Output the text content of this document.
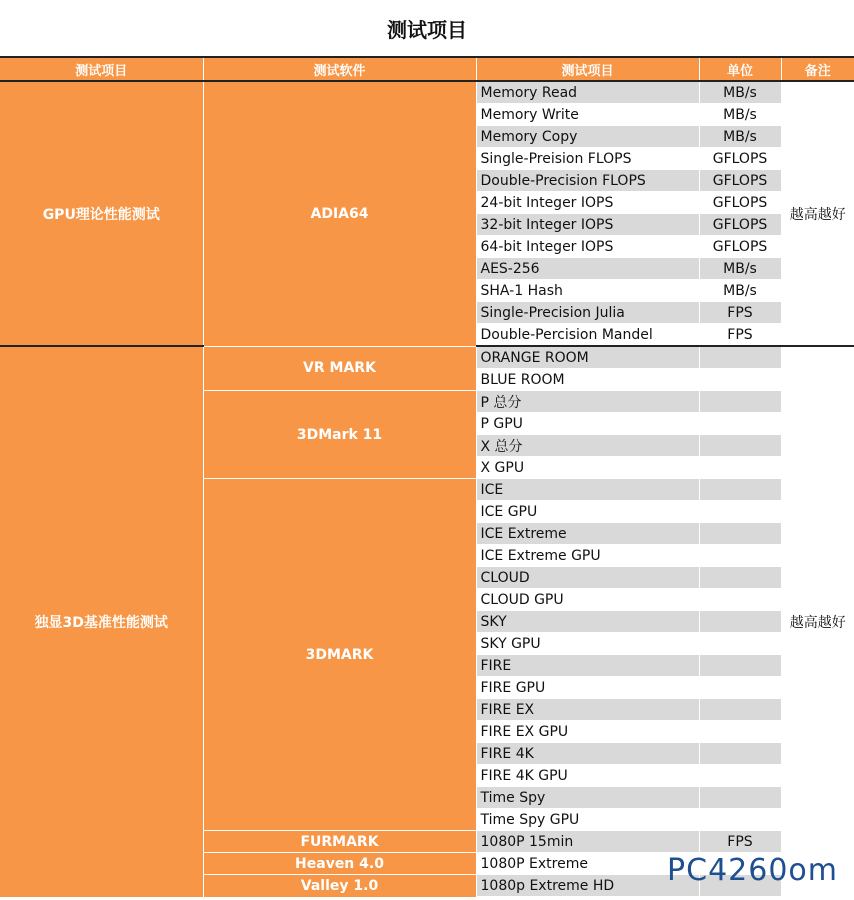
测试项目
测试项目	测试软件	测试项目	单位	备注
GPU理论性能测试	ADIA64	Memory Read	MB/s	越高越好
		Memory Write	MB/s	
		Memory Copy	MB/s	
		Single-Preision FLOPS	GFLOPS	
		Double-Precision FLOPS	GFLOPS	
		24-bit Integer IOPS	GFLOPS	
		32-bit Integer IOPS	GFLOPS	
		64-bit Integer IOPS	GFLOPS	
		AES-256	MB/s	
		SHA-1 Hash	MB/s	
		Single-Precision Julia	FPS	
		Double-Percision Mandel	FPS	
独显3D基准性能测试	VR MARK	ORANGE ROOM		越高越好
		BLUE ROOM		
	3DMark 11	P 总分		
		P GPU		
		X 总分		
		X GPU		
	3DMARK	ICE		
		ICE GPU		
		ICE Extreme		
		ICE Extreme GPU		
		CLOUD		
		CLOUD GPU		
		SKY		
		SKY GPU		
		FIRE		
		FIRE GPU		
		FIRE EX		
		FIRE EX GPU		
		FIRE 4K		
		FIRE 4K GPU		
		Time Spy		
		Time Spy GPU		
	FURMARK	1080P 15min	FPS	
	Heaven 4.0	1080P Extreme		
	Valley 1.0	1080p Extreme HD		PC4260om
